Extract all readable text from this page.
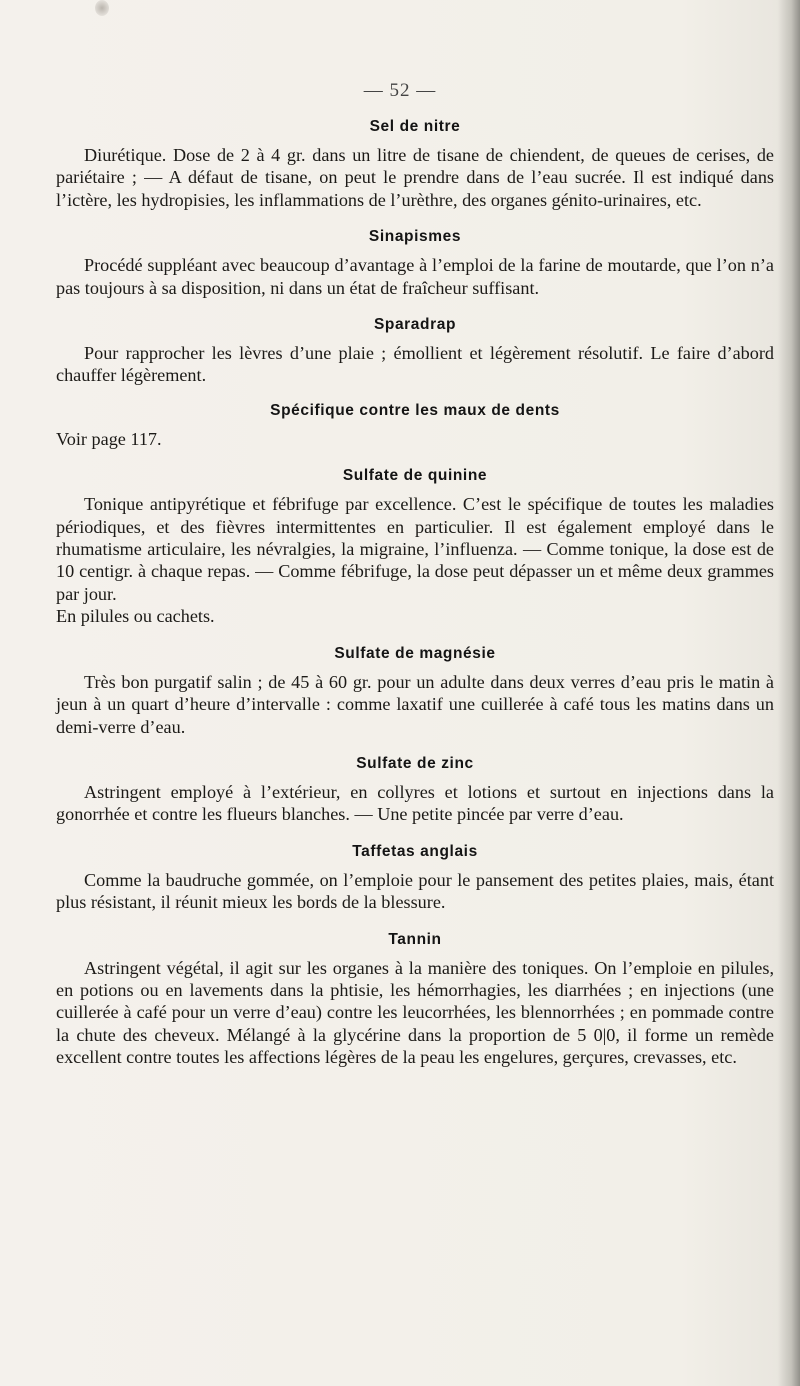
— 52 —
Sel de nitre

Diurétique. Dose de 2 à 4 gr. dans un litre de tisane de chiendent, de queues de cerises, de pariétaire ; — A défaut de tisane, on peut le prendre dans de l’eau sucrée. Il est indiqué dans l’ictère, les hydropisies, les inflammations de l’urèthre, des organes génito-urinaires, etc.

Sinapismes

Procédé suppléant avec beaucoup d’avantage à l’emploi de la farine de moutarde, que l’on n’a pas toujours à sa disposition, ni dans un état de fraîcheur suffisant.

Sparadrap

Pour rapprocher les lèvres d’une plaie ; émollient et légèrement résolutif. Le faire d’abord chauffer légèrement.

Spécifique contre les maux de dents

Voir page 117.

Sulfate de quinine

Tonique antipyrétique et fébrifuge par excellence. C’est le spécifique de toutes les maladies périodiques, et des fièvres intermittentes en particulier. Il est également employé dans le rhumatisme articulaire, les névralgies, la migraine, l’influenza. — Comme tonique, la dose est de 10 centigr. à chaque repas. — Comme fébrifuge, la dose peut dépasser un et même deux grammes par jour.

En pilules ou cachets.

Sulfate de magnésie

Très bon purgatif salin ; de 45 à 60 gr. pour un adulte dans deux verres d’eau pris le matin à jeun à un quart d’heure d’intervalle : comme laxatif une cuillerée à café tous les matins dans un demi-verre d’eau.

Sulfate de zinc

Astringent employé à l’extérieur, en collyres et lotions et surtout en injections dans la gonorrhée et contre les flueurs blanches. — Une petite pincée par verre d’eau.

Taffetas anglais

Comme la baudruche gommée, on l’emploie pour le pansement des petites plaies, mais, étant plus résistant, il réunit mieux les bords de la blessure.

Tannin

Astringent végétal, il agit sur les organes à la manière des toniques. On l’emploie en pilules, en potions ou en lavements dans la phtisie, les hémorrhagies, les diarrhées ; en injections (une cuillerée à café pour un verre d’eau) contre les leucorrhées, les blennorrhées ; en pommade contre la chute des cheveux. Mélangé à la glycérine dans la proportion de 5 0|0, il forme un remède excellent contre toutes les affections légères de la peau les engelures, gerçures, crevasses, etc.
